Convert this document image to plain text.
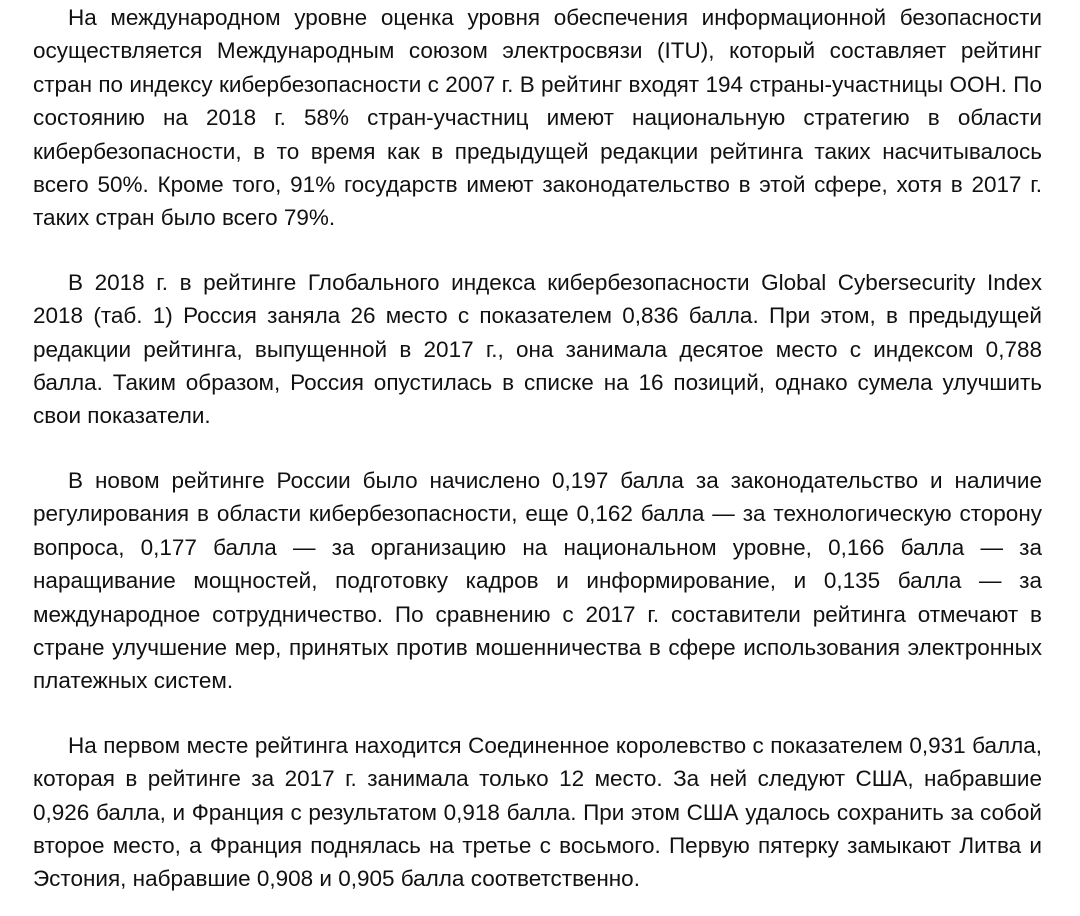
На международном уровне оценка уровня обеспечения информационной безопасности осуществляется Международным союзом электросвязи (ITU), который составляет рейтинг стран по индексу кибербезопасности с 2007 г. В рейтинг входят 194 страны-участницы ООН. По состоянию на 2018 г. 58% стран-участниц имеют национальную стратегию в области кибербезопасности, в то время как в предыдущей редакции рейтинга таких насчитывалось всего 50%. Кроме того, 91% государств имеют законодательство в этой сфере, хотя в 2017 г. таких стран было всего 79%.

В 2018 г. в рейтинге Глобального индекса кибербезопасности Global Cybersecurity Index 2018 (таб. 1) Россия заняла 26 место с показателем 0,836 балла. При этом, в предыдущей редакции рейтинга, выпущенной в 2017 г., она занимала десятое место с индексом 0,788 балла. Таким образом, Россия опустилась в списке на 16 позиций, однако сумела улучшить свои показатели.

В новом рейтинге России было начислено 0,197 балла за законодательство и наличие регулирования в области кибербезопасности, еще 0,162 балла — за технологическую сторону вопроса, 0,177 балла — за организацию на национальном уровне, 0,166 балла — за наращивание мощностей, подготовку кадров и информирование, и 0,135 балла — за международное сотрудничество. По сравнению с 2017 г. составители рейтинга отмечают в стране улучшение мер, принятых против мошенничества в сфере использования электронных платежных систем.

На первом месте рейтинга находится Соединенное королевство с показателем 0,931 балла, которая в рейтинге за 2017 г. занимала только 12 место. За ней следуют США, набравшие 0,926 балла, и Франция с результатом 0,918 балла. При этом США удалось сохранить за собой второе место, а Франция поднялась на третье с восьмого. Первую пятерку замыкают Литва и Эстония, набравшие 0,908 и 0,905 балла соответственно.
